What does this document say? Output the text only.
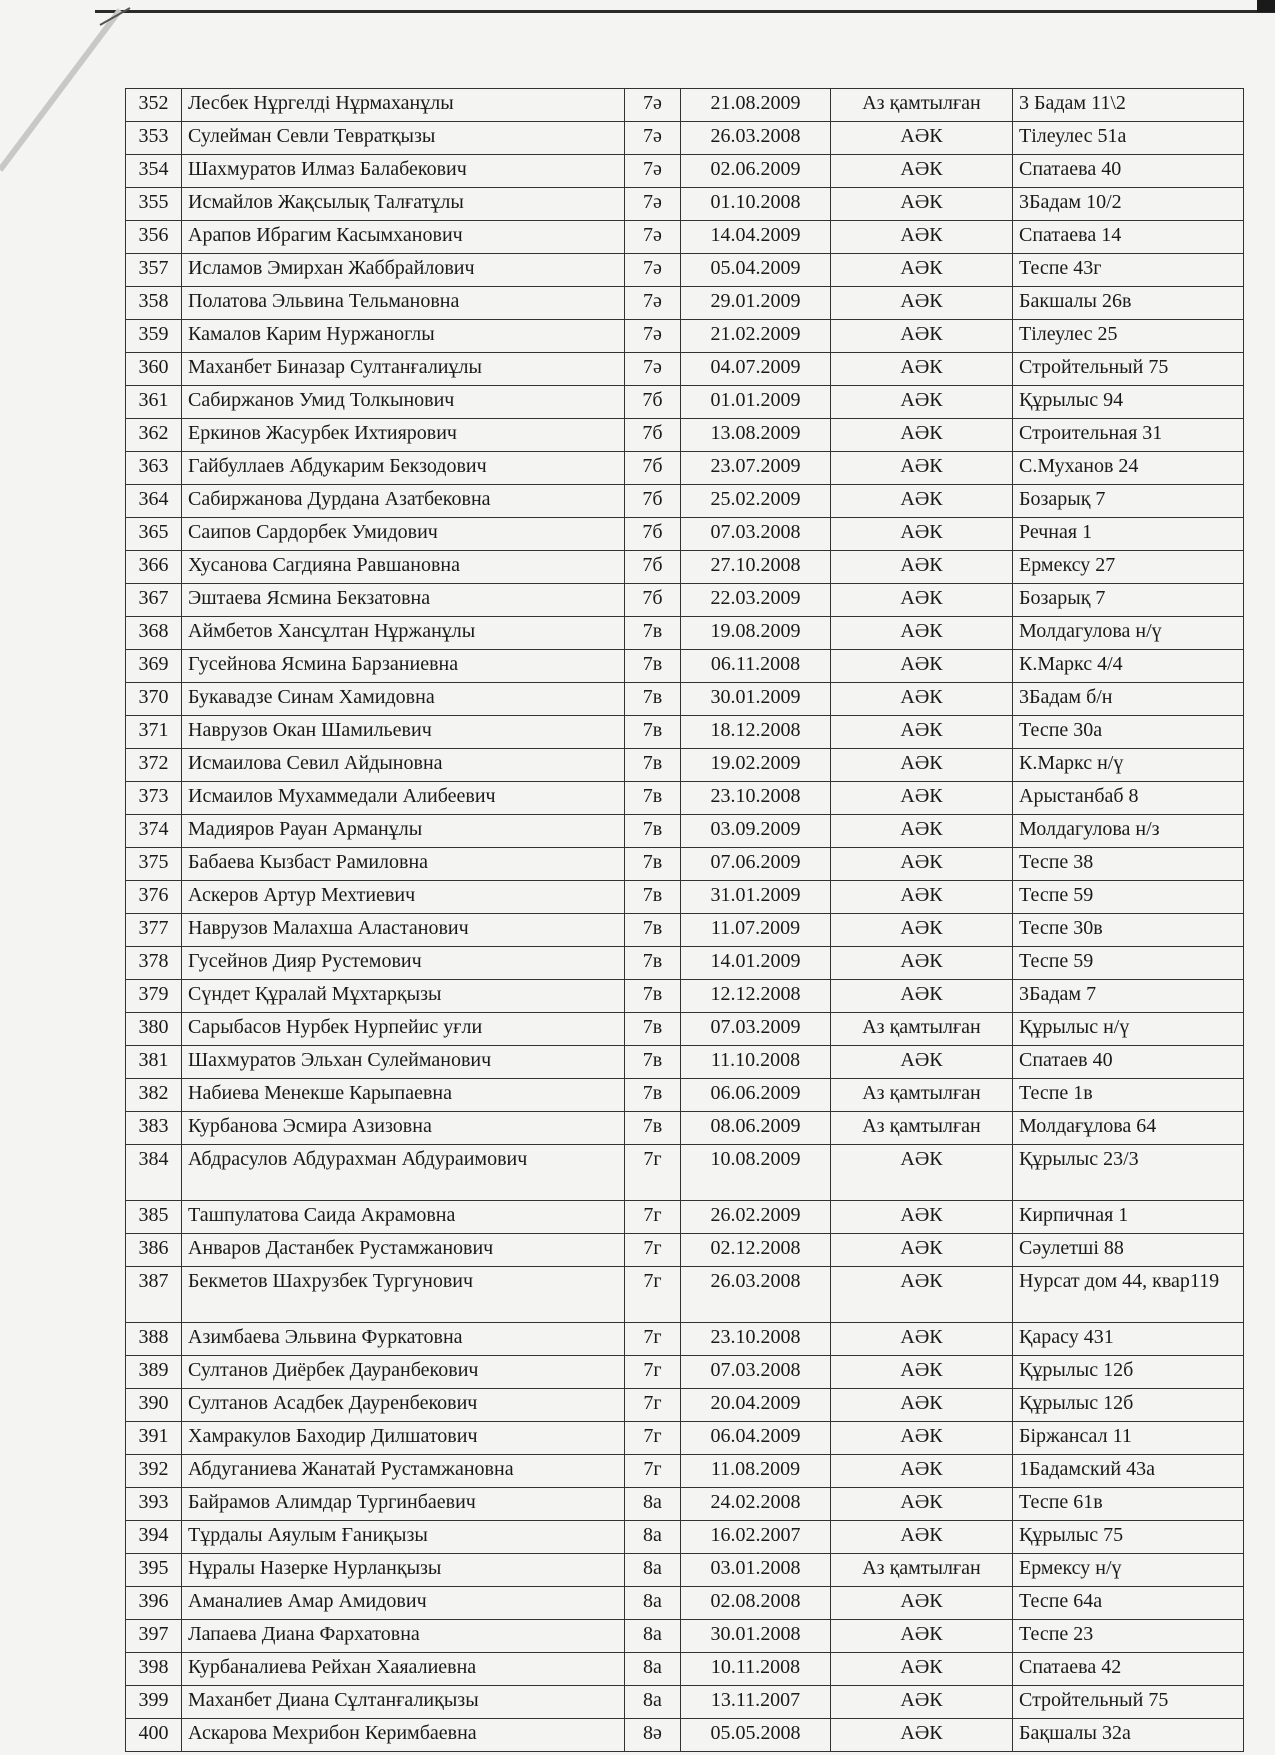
352	Лесбек Нұргелді Нұрмаханұлы	7ә	21.08.2009	Аз қамтылған	3 Бадам 11\2
353	Сулейман Севли Тевратқызы	7ә	26.03.2008	АӘК	Тілеулес 51а
354	Шахмуратов Илмаз Балабекович	7ә	02.06.2009	АӘК	Спатаева 40
355	Исмайлов Жақсылық Талғатұлы	7ә	01.10.2008	АӘК	3Бадам 10/2
356	Арапов Ибрагим Касымханович	7ә	14.04.2009	АӘК	Спатаева 14
357	Исламов Эмирхан Жаббрайлович	7ә	05.04.2009	АӘК	Теспе 43г
358	Полатова Эльвина Тельмановна	7ә	29.01.2009	АӘК	Бакшалы 26в
359	Камалов Карим Нуржаноглы	7ә	21.02.2009	АӘК	Тілеулес 25
360	Маханбет Биназар Султанғалиұлы	7ә	04.07.2009	АӘК	Стройтельный 75
361	Сабиржанов Умид Толкынович	7б	01.01.2009	АӘК	Құрылыс 94
362	Еркинов Жасурбек Ихтиярович	7б	13.08.2009	АӘК	Строительная 31
363	Гайбуллаев Абдукарим Бекзодович	7б	23.07.2009	АӘК	С.Муханов 24
364	Сабиржанова Дурдана Азатбековна	7б	25.02.2009	АӘК	Бозарық 7
365	Саипов Сардорбек Умидович	7б	07.03.2008	АӘК	Речная 1
366	Хусанова Сагдияна Равшановна	7б	27.10.2008	АӘК	Ермексу 27
367	Эштаева Ясмина Бекзатовна	7б	22.03.2009	АӘК	Бозарық 7
368	Аймбетов Хансұлтан Нұржанұлы	7в	19.08.2009	АӘК	Молдагулова н/ү
369	Гусейнова Ясмина Барзаниевна	7в	06.11.2008	АӘК	К.Маркс 4/4
370	Букавадзе Синам Хамидовна	7в	30.01.2009	АӘК	3Бадам б/н
371	Наврузов Окан Шамильевич	7в	18.12.2008	АӘК	Теспе 30а
372	Исмаилова Севил Айдыновна	7в	19.02.2009	АӘК	К.Маркс н/ү
373	Исмаилов Мухаммедали Алибеевич	7в	23.10.2008	АӘК	Арыстанбаб 8
374	Мадияров Рауан Арманұлы	7в	03.09.2009	АӘК	Молдагулова н/з
375	Бабаева Кызбаст Рамиловна	7в	07.06.2009	АӘК	Теспе 38
376	Аскеров Артур Мехтиевич	7в	31.01.2009	АӘК	Теспе 59
377	Наврузов Малахша Аластанович	7в	11.07.2009	АӘК	Теспе 30в
378	Гусейнов Дияр Рустемович	7в	14.01.2009	АӘК	Теспе 59
379	Сүндет Құралай Мұхтарқызы	7в	12.12.2008	АӘК	3Бадам 7
380	Сарыбасов Нурбек Нурпейис уғли	7в	07.03.2009	Аз қамтылған	Құрылыс н/ү
381	Шахмуратов Эльхан Сулейманович	7в	11.10.2008	АӘК	Спатаев 40
382	Набиева Менекше Карыпаевна	7в	06.06.2009	Аз қамтылған	Теспе 1в
383	Курбанова Эсмира Азизовна	7в	08.06.2009	Аз қамтылған	Молдағұлова 64
384	Абдрасулов Абдурахман Абдураимович	7г	10.08.2009	АӘК	Құрылыс 23/3
385	Ташпулатова Саида Акрамовна	7г	26.02.2009	АӘК	Кирпичная 1
386	Анваров Дастанбек Рустамжанович	7г	02.12.2008	АӘК	Сәулетші 88
387	Бекметов Шахрузбек Тургунович	7г	26.03.2008	АӘК	Нурсат дом 44, квар119
388	Азимбаева Эльвина Фуркатовна	7г	23.10.2008	АӘК	Қарасу 431
389	Султанов Диёрбек Дауранбекович	7г	07.03.2008	АӘК	Құрылыс 12б
390	Султанов Асадбек Дауренбекович	7г	20.04.2009	АӘК	Құрылыс 12б
391	Хамракулов Баходир Дилшатович	7г	06.04.2009	АӘК	Біржансал 11
392	Абдуганиева Жанатай Рустамжановна	7г	11.08.2009	АӘК	1Бадамский 43а
393	Байрамов Алимдар Тургинбаевич	8а	24.02.2008	АӘК	Теспе 61в
394	Тұрдалы Аяулым Ғаниқызы	8а	16.02.2007	АӘК	Құрылыс 75
395	Нұралы Назерке Нурланқызы	8а	03.01.2008	Аз қамтылған	Ермексу н/ү
396	Аманалиев Амар Амидович	8а	02.08.2008	АӘК	Теспе 64а
397	Лапаева Диана Фархатовна	8а	30.01.2008	АӘК	Теспе 23
398	Курбаналиева Рейхан Хаяалиевна	8а	10.11.2008	АӘК	Спатаева 42
399	Маханбет Диана Сұлтанғалиқызы	8а	13.11.2007	АӘК	Стройтельный 75
400	Аскарова Мехрибон Керимбаевна	8ә	05.05.2008	АӘК	Бақшалы 32а
